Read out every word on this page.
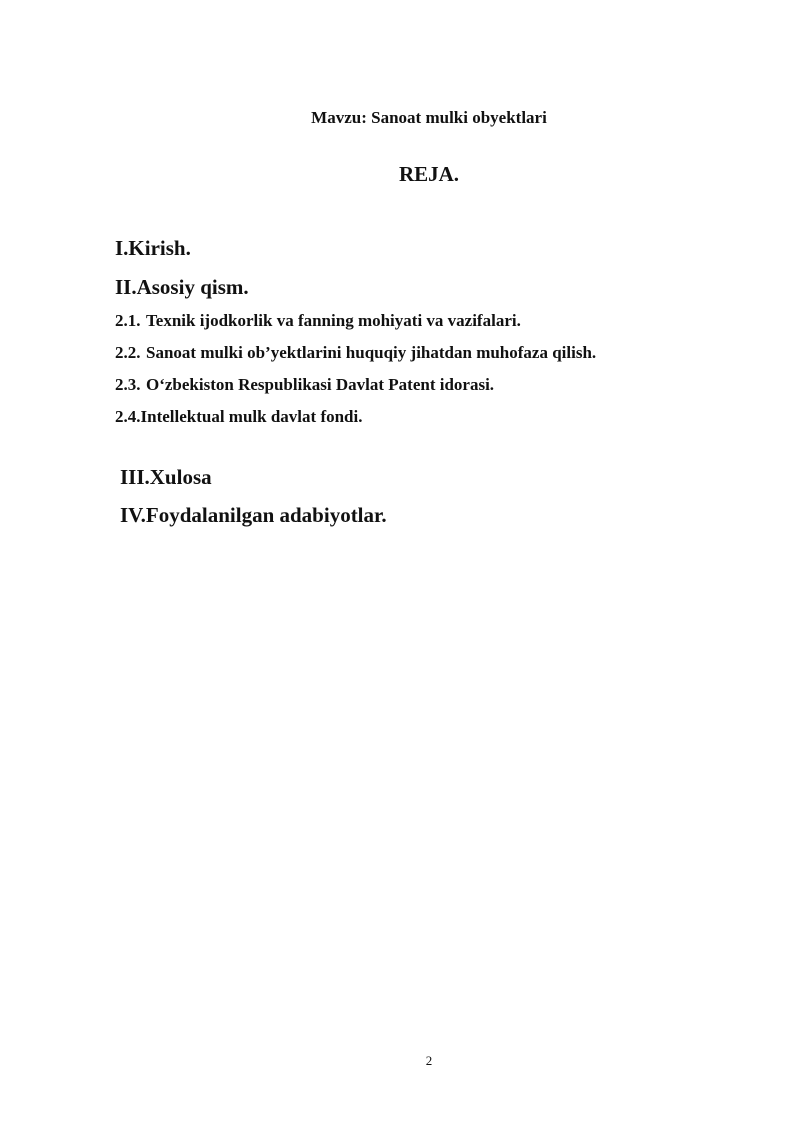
Mavzu: Sanoat mulki obyektlari

REJA.

I.Kirish.

II.Asosiy qism.

2.1. Texnik ijodkorlik va fanning mohiyati va vazifalari.

2.2. Sanoat mulki ob’yektlarini huquqiy jihatdan muhofaza qilish.

2.3. O‘zbekiston Respublikasi Davlat Patent idorasi.

2.4.Intellektual mulk davlat fondi.

III.Xulosa

IV.Foydalanilgan adabiyotlar.

2
